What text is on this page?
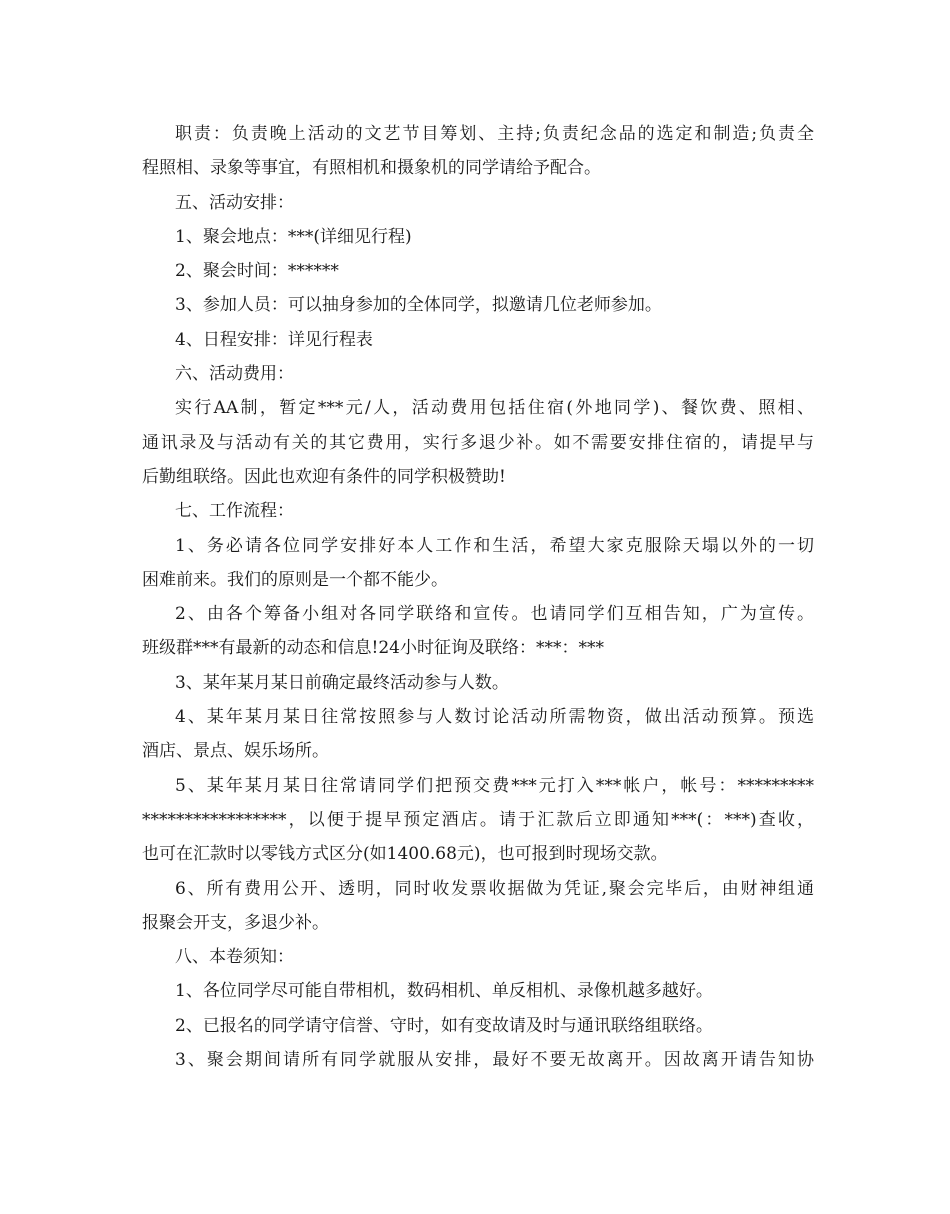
职责：负责晚上活动的文艺节目筹划、主持;负责纪念品的选定和制造;负责全
程照相、录象等事宜，有照相机和摄象机的同学请给予配合。
五、活动安排：
1、聚会地点：***(详细见行程)
2、聚会时间：******
3、参加人员：可以抽身参加的全体同学，拟邀请几位老师参加。
4、日程安排：详见行程表
六、活动费用：
实行AA制，暂定***元/人，活动费用包括住宿(外地同学)、餐饮费、照相、
通讯录及与活动有关的其它费用，实行多退少补。如不需要安排住宿的，请提早与
后勤组联络。因此也欢迎有条件的同学积极赞助!
七、工作流程：
1、务必请各位同学安排好本人工作和生活，希望大家克服除天塌以外的一切
困难前来。我们的原则是一个都不能少。
2、由各个筹备小组对各同学联络和宣传。也请同学们互相告知，广为宣传。
班级群***有最新的动态和信息!24小时征询及联络：***：***
3、某年某月某日前确定最终活动参与人数。
4、某年某月某日往常按照参与人数讨论活动所需物资，做出活动预算。预选
酒店、景点、娱乐场所。
5、某年某月某日往常请同学们把预交费***元打入***帐户，帐号：*********
*****************，以便于提早预定酒店。请于汇款后立即通知***(：***)查收，
也可在汇款时以零钱方式区分(如1400.68元)，也可报到时现场交款。
6、所有费用公开、透明，同时收发票收据做为凭证,聚会完毕后，由财神组通
报聚会开支，多退少补。
八、本卷须知：
1、各位同学尽可能自带相机，数码相机、单反相机、录像机越多越好。
2、已报名的同学请守信誉、守时，如有变故请及时与通讯联络组联络。
3、聚会期间请所有同学就服从安排，最好不要无故离开。因故离开请告知协
